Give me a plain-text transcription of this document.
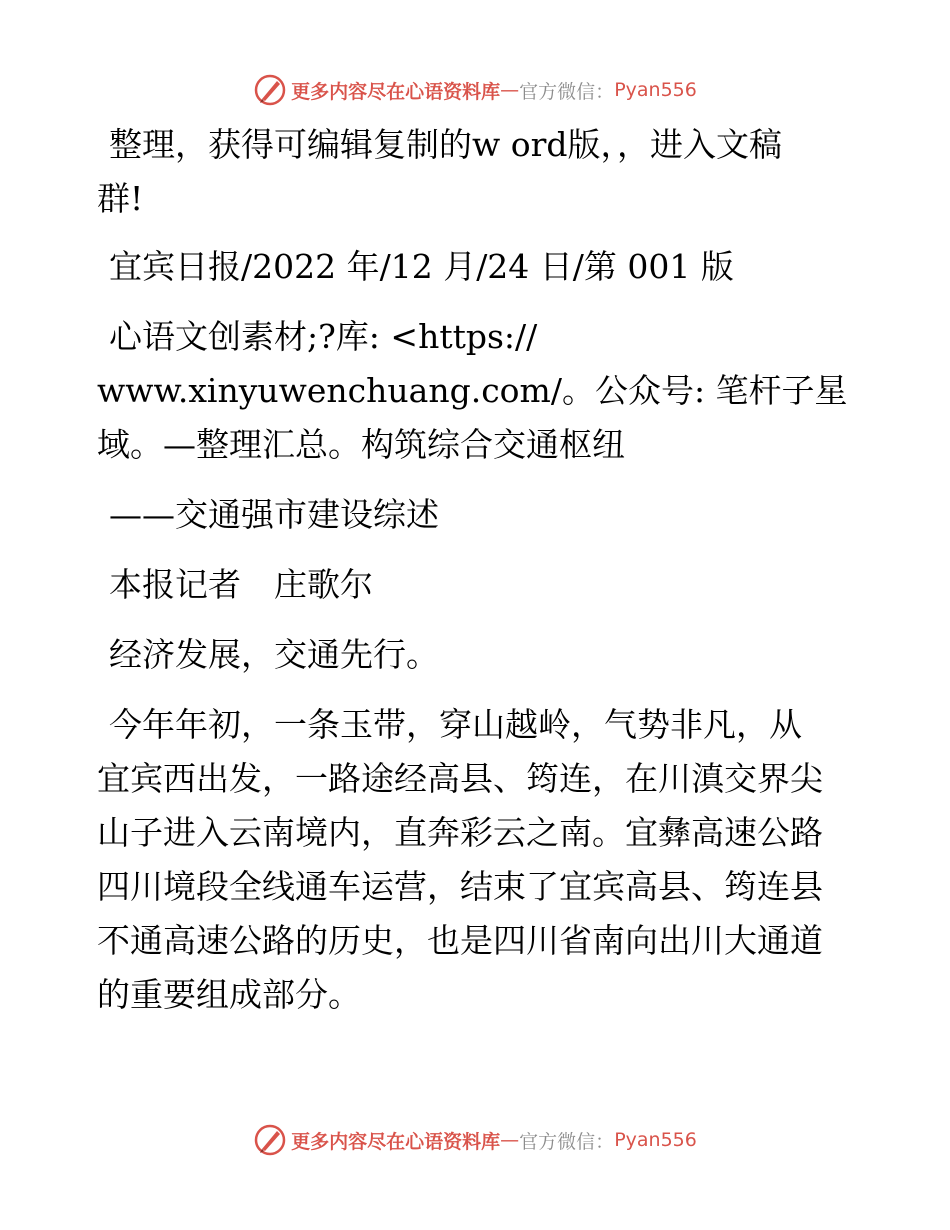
更多内容尽在心语资料库 — 官方微信： Pyan556

整理，获得可编辑复制的w ord版，，进入文稿
群!

宜宾日报/2022 年/12 月/24 日/第 001 版

心语文创素材;?库: <https://
www.xinyuwenchuang.com/。公众号: 笔杆子星
域。—整理汇总。构筑综合交通枢纽

——交通强市建设综述

本报记者　庄歌尔

经济发展，交通先行。

今年年初，一条玉带，穿山越岭，气势非凡，从
宜宾西出发，一路途经高县、筠连，在川滇交界尖
山子进入云南境内，直奔彩云之南。宜彝高速公路
四川境段全线通车运营，结束了宜宾高县、筠连县
不通高速公路的历史，也是四川省南向出川大通道
的重要组成部分。

更多内容尽在心语资料库 — 官方微信： Pyan556
